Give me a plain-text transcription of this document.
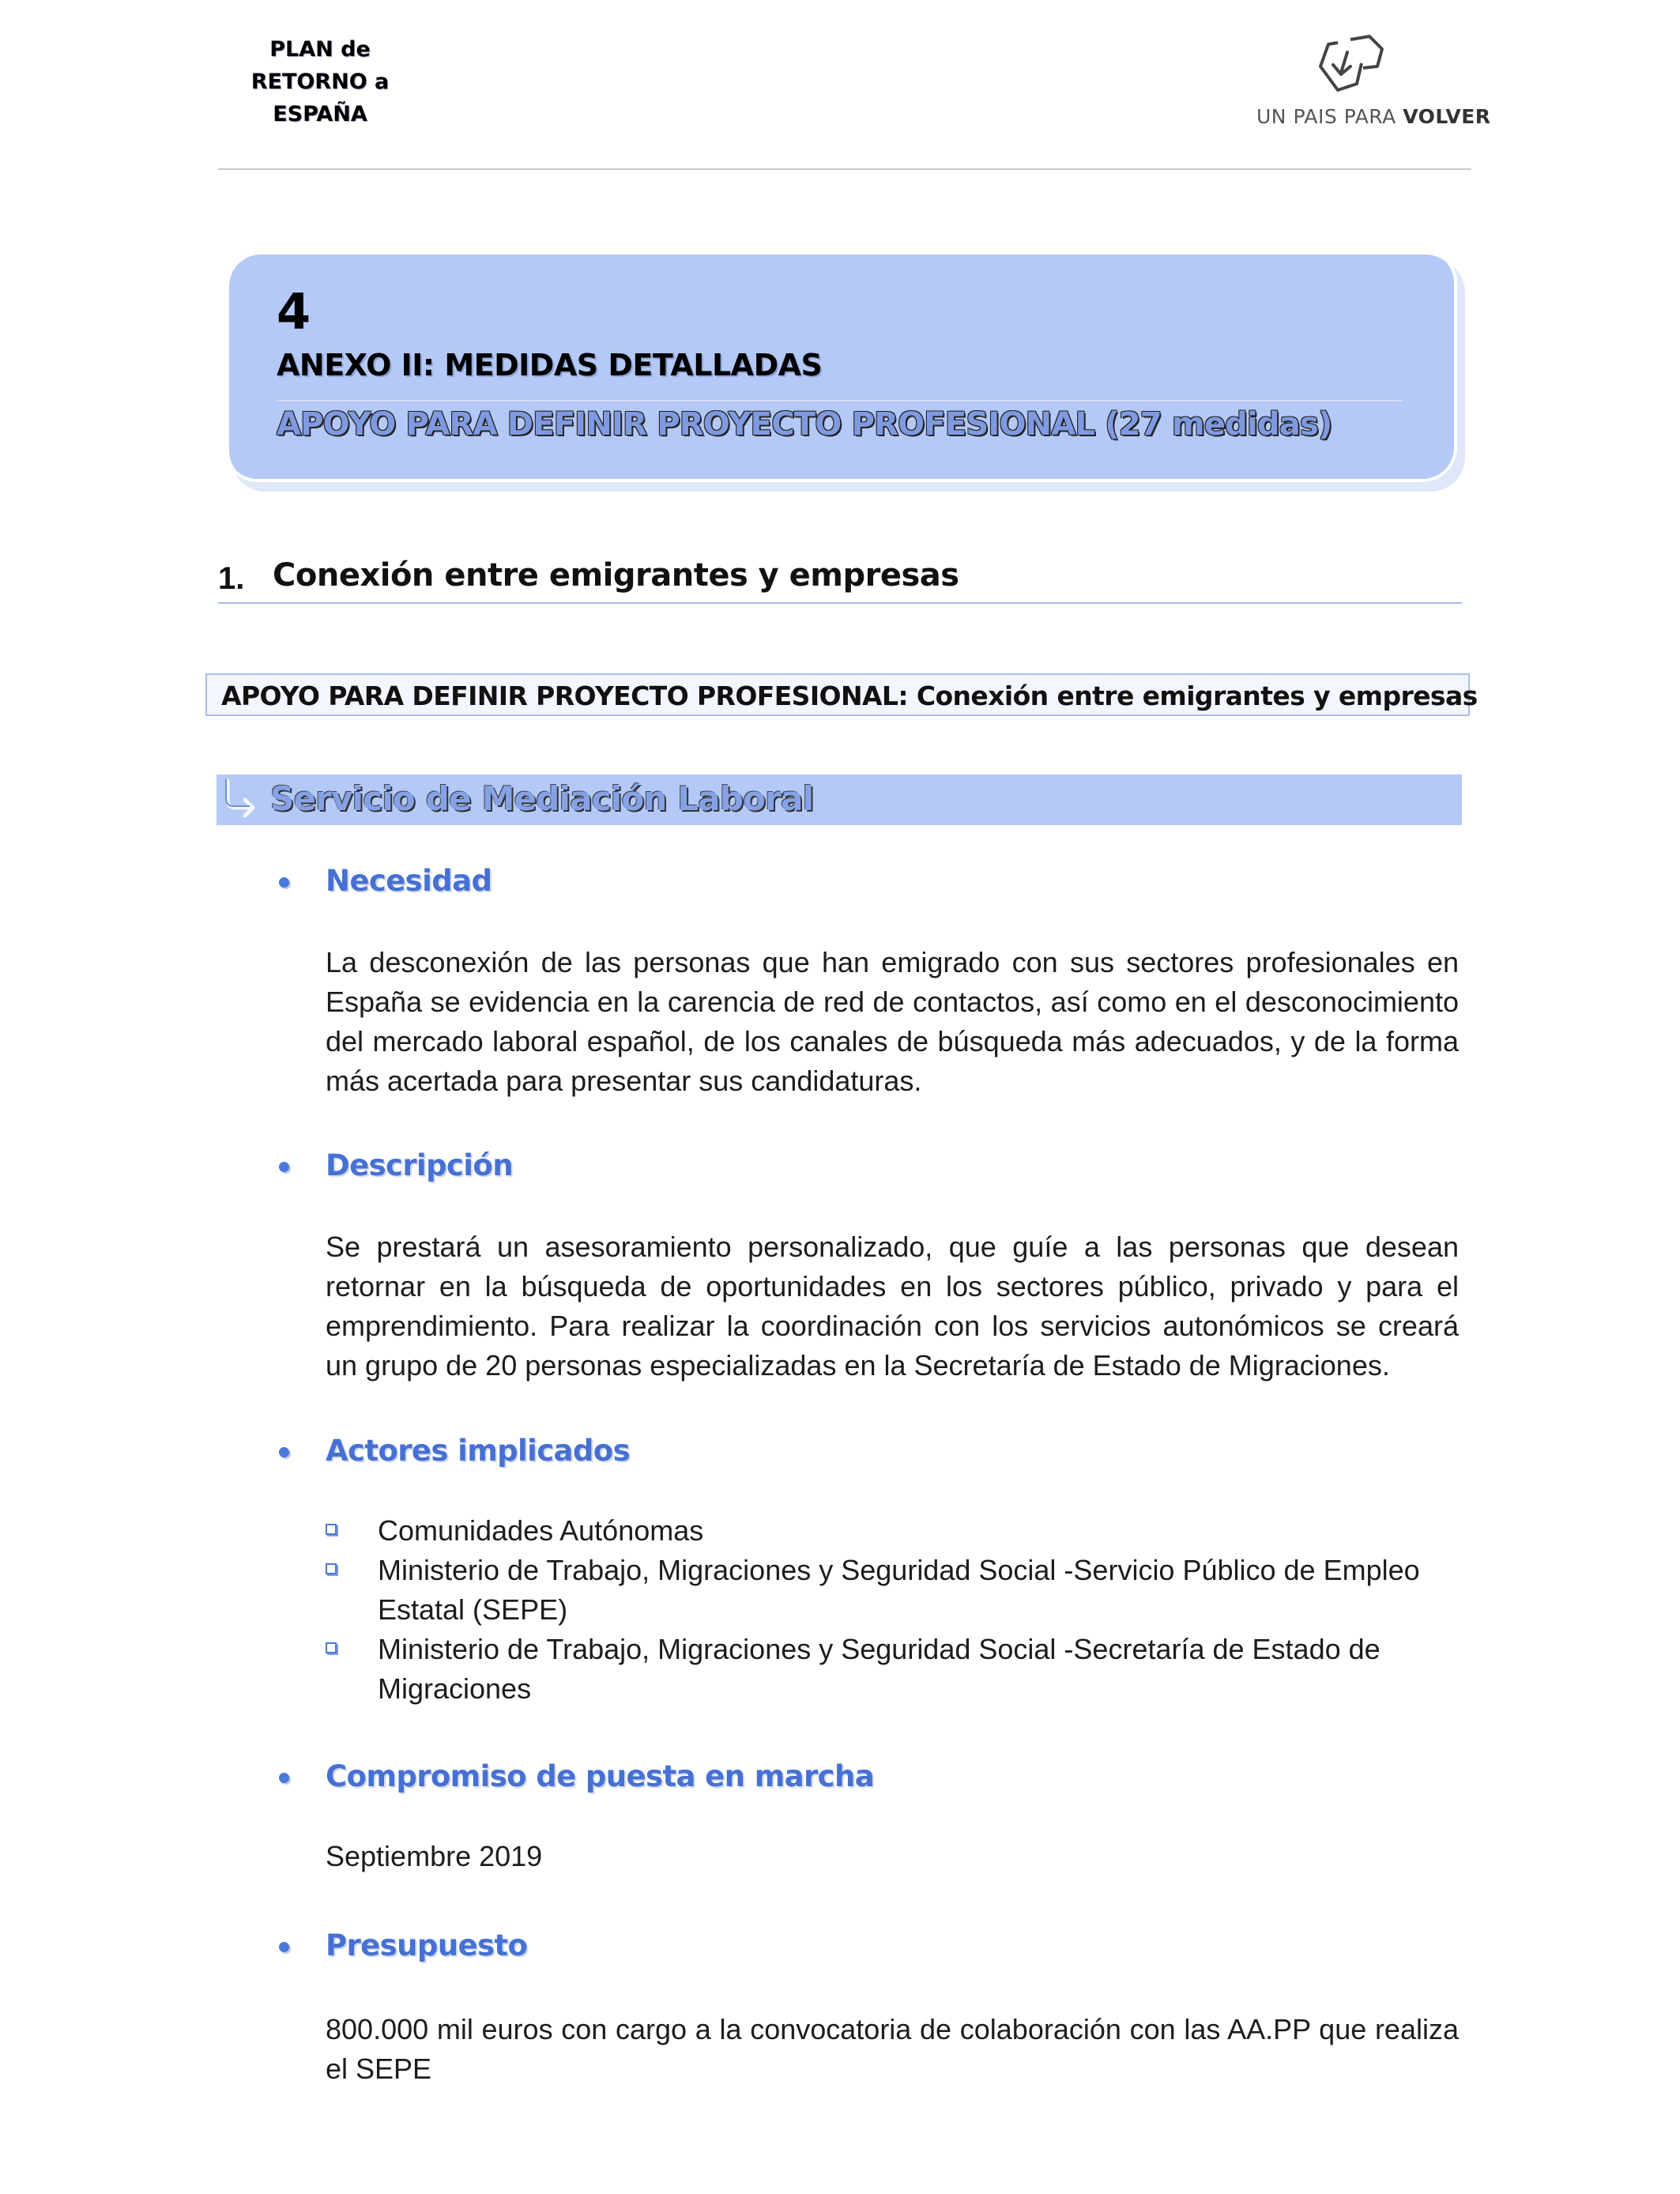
PLAN de
RETORNO a
ESPAÑA	UN PAIS PARA VOLVER
4
ANEXO II: MEDIDAS DETALLADAS
APOYO PARA DEFINIR PROYECTO PROFESIONAL (27 medidas)
1. Conexión entre emigrantes y empresas
APOYO PARA DEFINIR PROYECTO PROFESIONAL: Conexión entre emigrantes y empresas
Servicio de Mediación Laboral
Necesidad
La desconexión de las personas que han emigrado con sus sectores profesionales en
España se evidencia en la carencia de red de contactos, así como en el desconocimiento
del mercado laboral español, de los canales de búsqueda más adecuados, y de la forma
más acertada para presentar sus candidaturas.
Descripción
Se prestará un asesoramiento personalizado, que guíe a las personas que desean
retornar en la búsqueda de oportunidades en los sectores público, privado y para el
emprendimiento. Para realizar la coordinación con los servicios autonómicos se creará
un grupo de 20 personas especializadas en la Secretaría de Estado de Migraciones.
Actores implicados
Comunidades Autónomas
Ministerio de Trabajo, Migraciones y Seguridad Social -Servicio Público de Empleo Estatal (SEPE)
Ministerio de Trabajo, Migraciones y Seguridad Social -Secretaría de Estado de Migraciones
Compromiso de puesta en marcha
Septiembre 2019
Presupuesto
800.000 mil euros con cargo a la convocatoria de colaboración con las AA.PP que realiza
el SEPE
